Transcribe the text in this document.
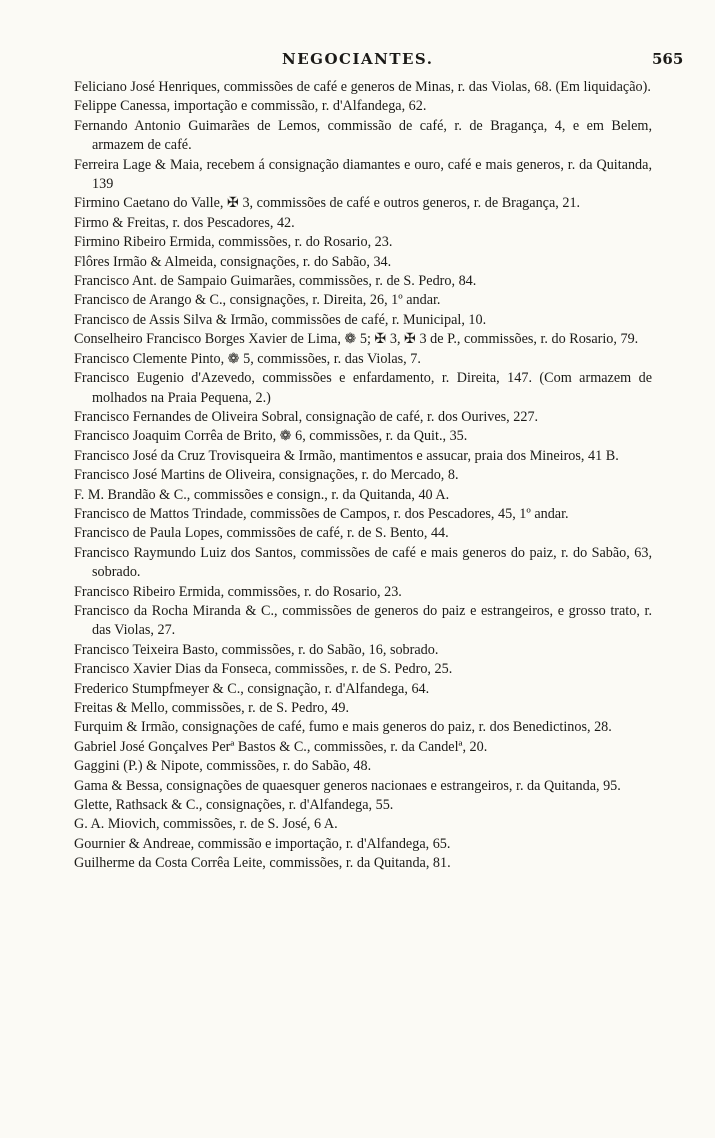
NEGOCIANTES.	565
Feliciano José Henriques, commissões de café e generos de Minas, r. das Violas, 68. (Em liquidação).
Felippe Canessa, importação e commissão, r. d'Alfandega, 62.
Fernando Antonio Guimarães de Lemos, commissão de café, r. de Bragança, 4, e em Belem, armazem de café.
Ferreira Lage & Maia, recebem á consignação diamantes e ouro, café e mais generos, r. da Quitanda, 139
Firmino Caetano do Valle, ✠ 3, commissões de café e outros generos, r. de Bragança, 21.
Firmo & Freitas, r. dos Pescadores, 42.
Firmino Ribeiro Ermida, commissões, r. do Rosario, 23.
Flôres Irmão & Almeida, consignações, r. do Sabão, 34.
Francisco Ant. de Sampaio Guimarães, commissões, r. de S. Pedro, 84.
Francisco de Arango & C., consignações, r. Direita, 26, 1º andar.
Francisco de Assis Silva & Irmão, commissões de café, r. Municipal, 10.
Conselheiro Francisco Borges Xavier de Lima, ❁ 5; ✠ 3, ✠ 3 de P., commissões, r. do Rosario, 79.
Francisco Clemente Pinto, ❁ 5, commissões, r. das Violas, 7.
Francisco Eugenio d'Azevedo, commissões e enfardamento, r. Direita, 147. (Com armazem de molhados na Praia Pequena, 2.)
Francisco Fernandes de Oliveira Sobral, consignação de café, r. dos Ourives, 227.
Francisco Joaquim Corrêa de Brito, ❁ 6, commissões, r. da Quit., 35.
Francisco José da Cruz Trovisqueira & Irmão, mantimentos e assucar, praia dos Mineiros, 41 B.
Francisco José Martins de Oliveira, consignações, r. do Mercado, 8.
F. M. Brandão & C., commissões e consign., r. da Quitanda, 40 A.
Francisco de Mattos Trindade, commissões de Campos, r. dos Pescadores, 45, 1º andar.
Francisco de Paula Lopes, commissões de café, r. de S. Bento, 44.
Francisco Raymundo Luiz dos Santos, commissões de café e mais generos do paiz, r. do Sabão, 63, sobrado.
Francisco Ribeiro Ermida, commissões, r. do Rosario, 23.
Francisco da Rocha Miranda & C., commissões de generos do paiz e estrangeiros, e grosso trato, r. das Violas, 27.
Francisco Teixeira Basto, commissões, r. do Sabão, 16, sobrado.
Francisco Xavier Dias da Fonseca, commissões, r. de S. Pedro, 25.
Frederico Stumpfmeyer & C., consignação, r. d'Alfandega, 64.
Freitas & Mello, commissões, r. de S. Pedro, 49.
Furquim & Irmão, consignações de café, fumo e mais generos do paiz, r. dos Benedictinos, 28.
Gabriel José Gonçalves Perª Bastos & C., commissões, r. da Candelª, 20.
Gaggini (P.) & Nipote, commissões, r. do Sabão, 48.
Gama & Bessa, consignações de quaesquer generos nacionaes e estrangeiros, r. da Quitanda, 95.
Glette, Rathsack & C., consignações, r. d'Alfandega, 55.
G. A. Miovich, commissões, r. de S. José, 6 A.
Gournier & Andreae, commissão e importação, r. d'Alfandega, 65.
Guilherme da Costa Corrêa Leite, commissões, r. da Quitanda, 81.
